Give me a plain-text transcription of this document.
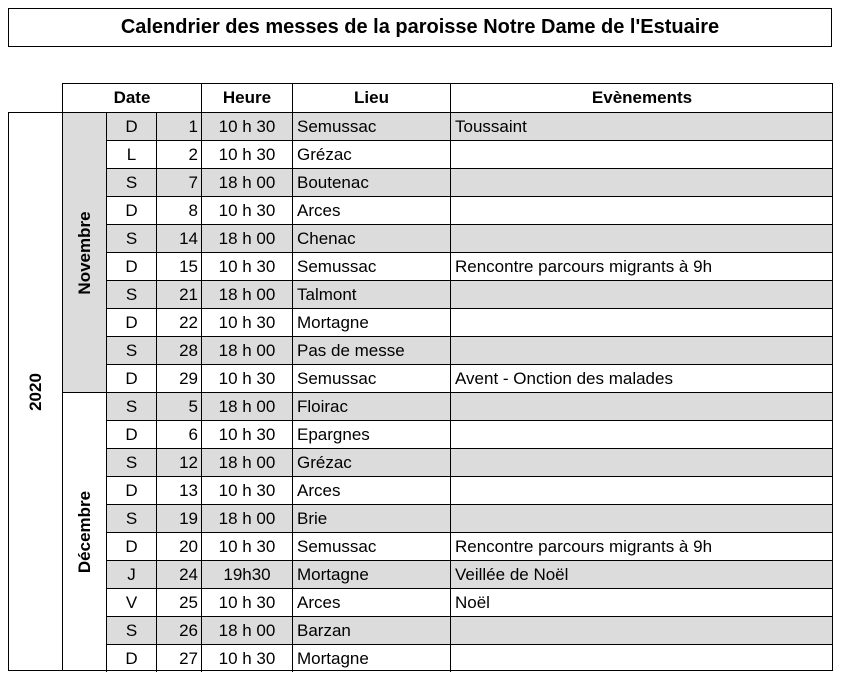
Calendrier des messes de la paroisse Notre Dame de l'Estuaire
Date	Heure	Lieu	Evènements
2020
Novembre
Décembre
D	1	10 h 30	Semussac	Toussaint
L	2	10 h 30	Grézac
S	7	18 h 00	Boutenac
D	8	10 h 30	Arces
S	14	18 h 00	Chenac
D	15	10 h 30	Semussac	Rencontre parcours migrants à 9h
S	21	18 h 00	Talmont
D	22	10 h 30	Mortagne
S	28	18 h 00	Pas de messe
D	29	10 h 30	Semussac	Avent - Onction des malades
S	5	18 h 00	Floirac
D	6	10 h 30	Epargnes
S	12	18 h 00	Grézac
D	13	10 h 30	Arces
S	19	18 h 00	Brie
D	20	10 h 30	Semussac	Rencontre parcours migrants à 9h
J	24	19h30	Mortagne	Veillée de Noël
V	25	10 h 30	Arces	Noël
S	26	18 h 00	Barzan
D	27	10 h 30	Mortagne
